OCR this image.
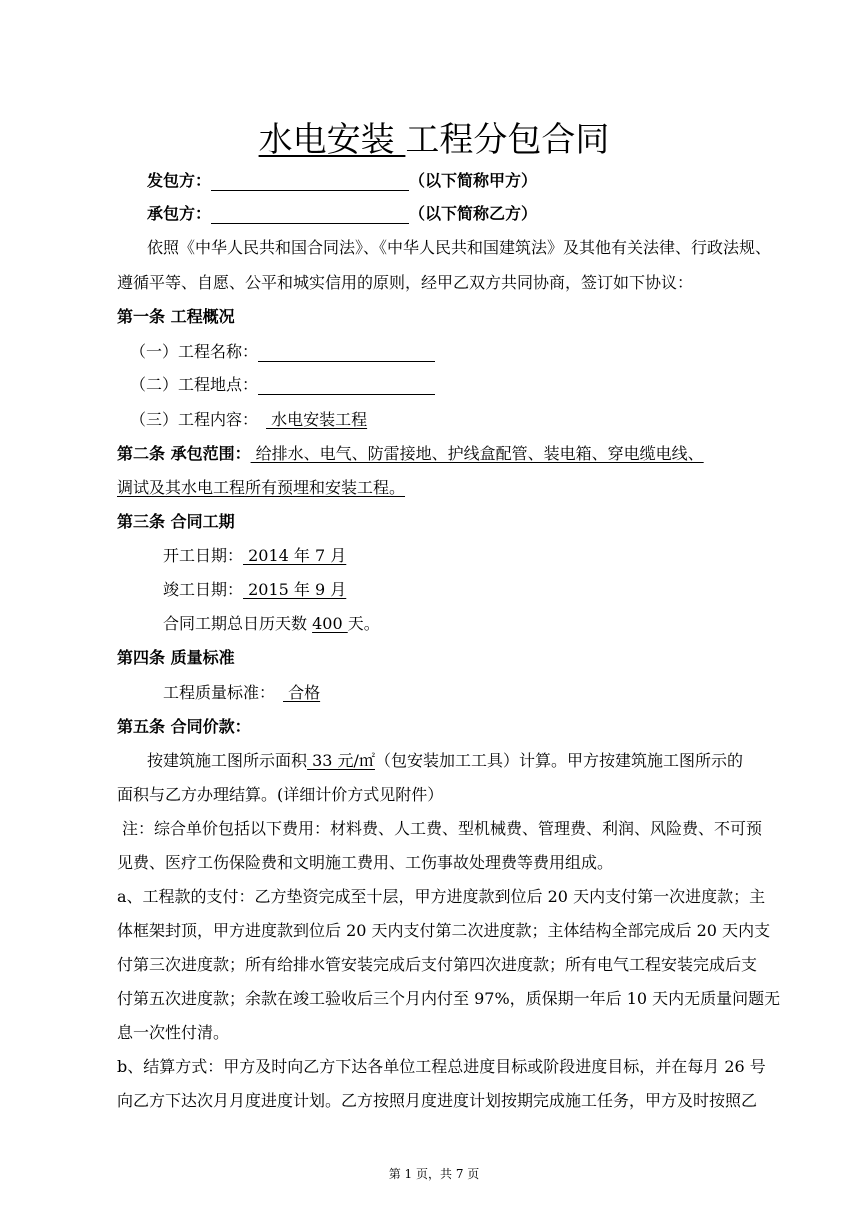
水电安装 工程分包合同
发包方：	（以下简称甲方）
承包方：	（以下简称乙方）
依照《中华人民共和国合同法》、《中华人民共和国建筑法》及其他有关法律、行政法规、
遵循平等、自愿、公平和城实信用的原则，经甲乙双方共同协商，签订如下协议：
第一条 工程概况
（一）工程名称：
（二）工程地点：
（三）工程内容： 水电安装工程
第二条 承包范围： 给排水、电气、防雷接地、护线盒配管、装电箱、穿电缆电线、
调试及其水电工程所有预埋和安装工程。
第三条 合同工期
开工日期： 2014 年 7 月
竣工日期： 2015 年 9 月
合同工期总日历天数 400 天。
第四条 质量标准
工程质量标准： 合格
第五条 合同价款：
按建筑施工图所示面积 33 元/㎡（包安装加工工具）计算。甲方按建筑施工图所示的
面积与乙方办理结算。(详细计价方式见附件）
注：综合单价包括以下费用：材料费、人工费、型机械费、管理费、利润、风险费、不可预
见费、医疗工伤保险费和文明施工费用、工伤事故处理费等费用组成。
a、工程款的支付：乙方垫资完成至十层，甲方进度款到位后 20 天内支付第一次进度款；主
体框架封顶，甲方进度款到位后 20 天内支付第二次进度款；主体结构全部完成后 20 天内支
付第三次进度款；所有给排水管安装完成后支付第四次进度款；所有电气工程安装完成后支
付第五次进度款；余款在竣工验收后三个月内付至 97%，质保期一年后 10 天内无质量问题无
息一次性付清。
b、结算方式：甲方及时向乙方下达各单位工程总进度目标或阶段进度目标，并在每月 26 号
向乙方下达次月月度进度计划。乙方按照月度进度计划按期完成施工任务，甲方及时按照乙
第 1 页，共 7 页
